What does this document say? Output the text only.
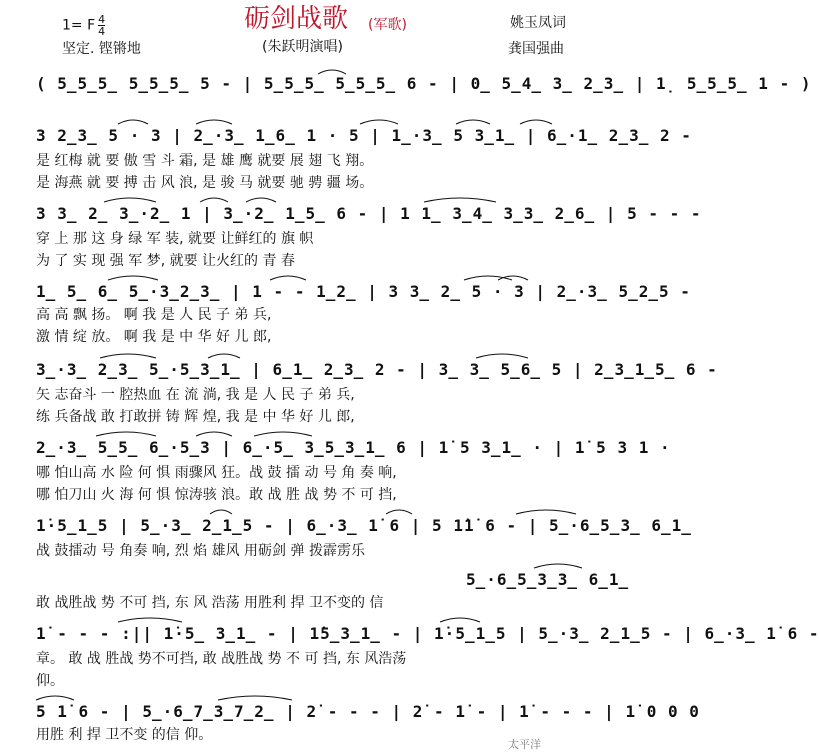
1= F $\frac{4}{4}$
坚定. 铿锵地
砺剑战歌 (军歌)
(朱跃明演唱)
姚玉凤词
龚国强曲
( 5̲5̲5̲ 5̲5̲5̲ 5 - | 5̲5̲5̲ 5̲5̲5̲ 6 - | 0̲ 5̲4̲ 3̲ 2̲3̲ | 1̣ 5̲5̲5̲ 1 - )
3 2̲3̲ 5 · 3 | 2̲·3̲ 1̲6̲ 1 · 5 | 1̲·3̲ 5 3̲1̲ | 6̲·1̲ 2̲3̲ 2 -
是 红梅 就 要 傲 雪 斗 霜, 是 雄 鹰 就要 展 翅 飞 翔。
是 海燕 就 要 搏 击 风 浪, 是 骏 马 就要 驰 骋 疆 场。
3 3̲ 2̲ 3̲·2̲ 1 | 3̲·2̲ 1̲5̲ 6 - | 1 1̲ 3̲4̲ 3̲3̲ 2̲6̲ | 5 - - -
穿 上 那 这 身 绿 军 装, 就要 让鲜红的 旗 帜
为 了 实 现 强 军 梦, 就要 让火红的 青 春
1̲ 5̲ 6̲ 5̲·3̲2̲3̲ | 1 - - 1̲2̲ | 3 3̲ 2̲ 5 · 3 | 2̲·3̲ 5̲2̲5 -
高 高 飘 扬。 啊 我 是 人 民 子 弟 兵,
激 情 绽 放。 啊 我 是 中 华 好 儿 郎,
3̲·3̲ 2̲3̲ 5̲·5̲3̲1̲ | 6̲1̲ 2̲3̲ 2 - | 3̲ 3̲ 5̲6̲ 5 | 2̲3̲1̲5̲ 6 -
矢 志奋斗 一 腔热血 在 流 淌, 我 是 人 民 子 弟 兵,
练 兵备战 敢 打敢拼 铸 辉 煌, 我 是 中 华 好 儿 郎,
2̲·3̲ 5̲5̲ 6̲·5̲3 | 6̲·5̲ 3̲5̲3̲1̲ 6 | 1̇ 5 3̲1̲ · | 1̇ 5 3 1 ·
哪 怕山高 水 险 何 惧 雨骤风 狂。战 鼓 擂 动 号 角 奏 响,
哪 怕刀山 火 海 何 惧 惊涛骇 浪。敢 战 胜 战 势 不 可 挡,
1̇·5̲1̲5 | 5̲·3̲ 2̲1̲5 - | 6̲·3̲ 1̇ 6 | 5 1̇1̇ 6 - | 5̲·6̲5̲3̲ 6̲1̲
战 鼓擂动 号 角奏 响, 烈 焰 雄风 用砺剑 弹 拨霹雳乐
5̲·6̲5̲3̲3̲ 6̲1̲
敢 战胜战 势 不可 挡, 东 风 浩荡 用胜利 捍 卫不变的 信
1̇ - - - :|| 1̇·5̲ 3̲1̲ - | 1̇5̲3̲1̲ - | 1̇·5̲1̲5 | 5̲·3̲ 2̲1̲5 - | 6̲·3̲ 1̇ 6 -
章。 敢 战 胜战 势不可挡, 敢 战胜战 势 不 可 挡, 东 风浩荡
仰。
5 1̇ 6 - | 5̲·6̲7̲3̲7̲2̲ | 2̇ - - - | 2̇ - 1̇ - | 1̇ - - - | 1̇ 0 0 0
用胜 利 捍 卫不变 的信 仰。
太平洋
